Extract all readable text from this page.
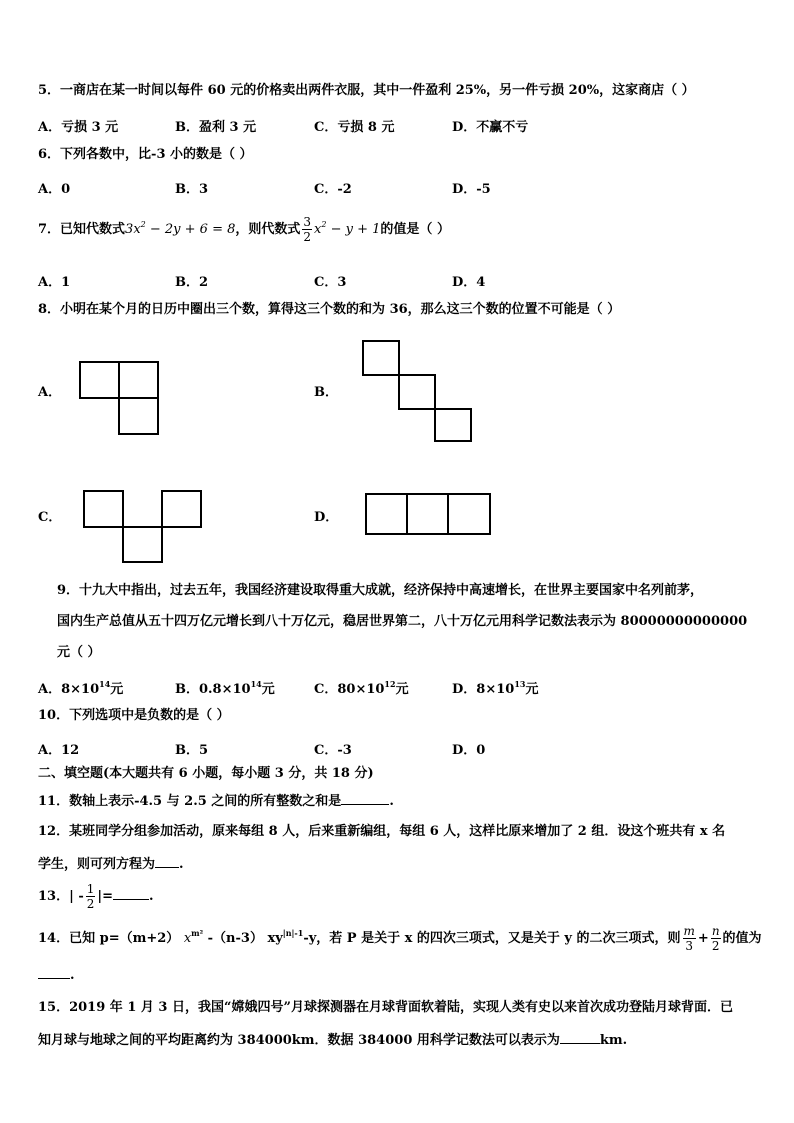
5．一商店在某一时间以每件 60 元的价格卖出两件衣服，其中一件盈利 25%，另一件亏损 20%，这家商店（ ）
A．亏损 3 元	B．盈利 3 元	C．亏损 8 元	D．不赢不亏
6．下列各数中，比-3 小的数是（ ）
A．0	B．3	C．-2	D．-5
7．已知代数式$3x^2 - 2y + 6 = 8$，则代数式 $\frac{3}{2} x^2 - y + 1$的值是（ ）
A．1	B．2	C．3	D．4
8．小明在某个月的日历中圈出三个数，算得这三个数的和为 36，那么这三个数的位置不可能是（ ）
A．	B．
C．	D．
9．十九大中指出，过去五年，我国经济建设取得重大成就，经济保持中高速增长，在世界主要国家中名列前茅，
国内生产总值从五十四万亿元增长到八十万亿元，稳居世界第二，八十万亿元用科学记数法表示为 80000000000000
元（ ）
A．$8\times 10^{14}$元	B．$0.8\times 10^{14}$元	C．$80\times 10^{12}$元	D．$8\times 10^{13}$元
10．下列选项中是负数的是（ ）
A．12	B．5	C．-3	D．0
二、填空题(本大题共有 6 小题，每小题 3 分，共 18 分)
11．数轴上表示-4.5 与 2.5 之间的所有整数之和是	.
12．某班同学分组参加活动，原来每组 8 人，后来重新编组，每组 6 人，这样比原来增加了 2 组．设这个班共有 x 名
学生，则可列方程为 .
13．| - $\frac{1}{2}$ |=	.
14．已知 p=（m+2） $x^{m^2}$ -（n-3） $xy^{|n|-1}-y$，若 P 是关于 x 的四次三项式，又是关于 y 的二次三项式，则 $\frac{m}{3} + \frac{n}{2}$ 的值为
.
15．2019 年 1 月 3 日，我国“嫦娥四号”月球探测器在月球背面软着陆，实现人类有史以来首次成功登陆月球背面．已
知月球与地球之间的平均距离约为 384000km．数据 384000 用科学记数法可以表示为	km.
